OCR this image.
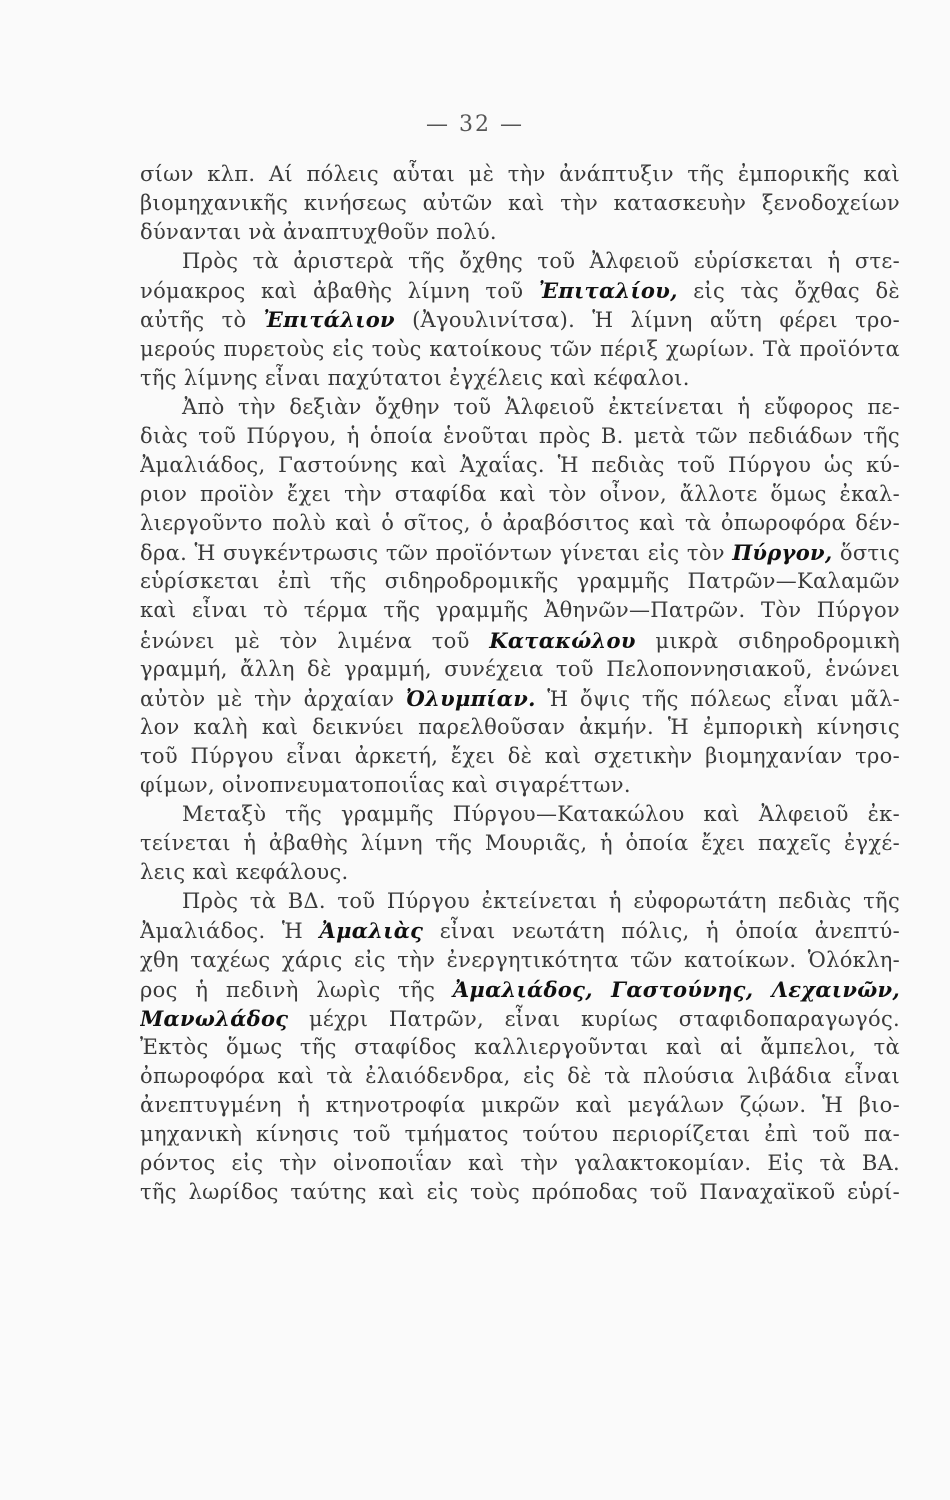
— 32 —
σίων κλπ. Αί πόλεις αὗται μὲ τὴν ἀνάπτυξιν τῆς ἐμπορικῆς καὶ
βιομηχανικῆς κινήσεως αὐτῶν καὶ τὴν κατασκευὴν ξενοδοχείων
δύνανται νὰ ἀναπτυχθοῦν πολύ.
Πρὸς τὰ ἀριστερὰ τῆς ὄχθης τοῦ Ἀλφειοῦ εὑρίσκεται ἡ στε-
νόμακρος καὶ ἀβαθὴς λίμνη τοῦ Ἐπιταλίου, εἰς τὰς ὄχθας δὲ
αὐτῆς τὸ Ἐπιτάλιον (Ἀγουλινίτσα). Ἡ λίμνη αὕτη φέρει τρο-
μερούς πυρετοὺς εἰς τοὺς κατοίκους τῶν πέριξ χωρίων. Τὰ προϊόντα
τῆς λίμνης εἶναι παχύτατοι ἐγχέλεις καὶ κέφαλοι.
Ἀπὸ τὴν δεξιὰν ὄχθην τοῦ Ἀλφειοῦ ἐκτείνεται ἡ εὔφορος πε-
διὰς τοῦ Πύργου, ἡ ὁποία ἑνοῦται πρὸς Β. μετὰ τῶν πεδιάδων τῆς
Ἀμαλιάδος, Γαστούνης καὶ Ἀχαΐας. Ἡ πεδιὰς τοῦ Πύργου ὡς κύ-
ριον προϊὸν ἔχει τὴν σταφίδα καὶ τὸν οἶνον, ἄλλοτε ὅμως ἐκαλ-
λιεργοῦντο πολὺ καὶ ὁ σῖτος, ὁ ἀραβόσιτος καὶ τὰ ὀπωροφόρα δέν-
δρα. Ἡ συγκέντρωσις τῶν προϊόντων γίνεται εἰς τὸν Πύργον, ὅστις
εὑρίσκεται ἐπὶ τῆς σιδηροδρομικῆς γραμμῆς Πατρῶν—Καλαμῶν
καὶ εἶναι τὸ τέρμα τῆς γραμμῆς Ἀθηνῶν—Πατρῶν. Τὸν Πύργον
ἑνώνει μὲ τὸν λιμένα τοῦ Κατακώλου μικρὰ σιδηροδρομικὴ
γραμμή, ἄλλη δὲ γραμμή, συνέχεια τοῦ Πελοποννησιακοῦ, ἑνώνει
αὐτὸν μὲ τὴν ἀρχαίαν Ὀλυμπίαν. Ἡ ὄψις τῆς πόλεως εἶναι μᾶλ-
λον καλὴ καὶ δεικνύει παρελθοῦσαν ἀκμήν. Ἡ ἐμπορικὴ κίνησις
τοῦ Πύργου εἶναι ἀρκετή, ἔχει δὲ καὶ σχετικὴν βιομηχανίαν τρο-
φίμων, οἰνοπνευματοποιΐας καὶ σιγαρέττων.
Μεταξὺ τῆς γραμμῆς Πύργου—Κατακώλου καὶ Ἀλφειοῦ ἐκ-
τείνεται ἡ ἀβαθὴς λίμνη τῆς Μουριᾶς, ἡ ὁποία ἔχει παχεῖς ἐγχέ-
λεις καὶ κεφάλους.
Πρὸς τὰ ΒΔ. τοῦ Πύργου ἐκτείνεται ἡ εὐφορωτάτη πεδιὰς τῆς
Ἀμαλιάδος. Ἡ Ἀμαλιὰς εἶναι νεωτάτη πόλις, ἡ ὁποία ἀνεπτύ-
χθη ταχέως χάρις εἰς τὴν ἐνεργητικότητα τῶν κατοίκων. Ὁλόκλη-
ρος ἡ πεδινὴ λωρὶς τῆς Ἀμαλιάδος, Γαστούνης, Λεχαινῶν,
Μανωλάδος μέχρι Πατρῶν, εἶναι κυρίως σταφιδοπαραγωγός.
Ἐκτὸς ὅμως τῆς σταφίδος καλλιεργοῦνται καὶ αἱ ἄμπελοι, τὰ
ὀπωροφόρα καὶ τὰ ἐλαιόδενδρα, εἰς δὲ τὰ πλούσια λιβάδια εἶναι
ἀνεπτυγμένη ἡ κτηνοτροφία μικρῶν καὶ μεγάλων ζῴων. Ἡ βιο-
μηχανικὴ κίνησις τοῦ τμήματος τούτου περιορίζεται ἐπὶ τοῦ πα-
ρόντος εἰς τὴν οἰνοποιΐαν καὶ τὴν γαλακτοκομίαν. Εἰς τὰ ΒΑ.
τῆς λωρίδος ταύτης καὶ εἰς τοὺς πρόποδας τοῦ Παναχαϊκοῦ εὑρί-
